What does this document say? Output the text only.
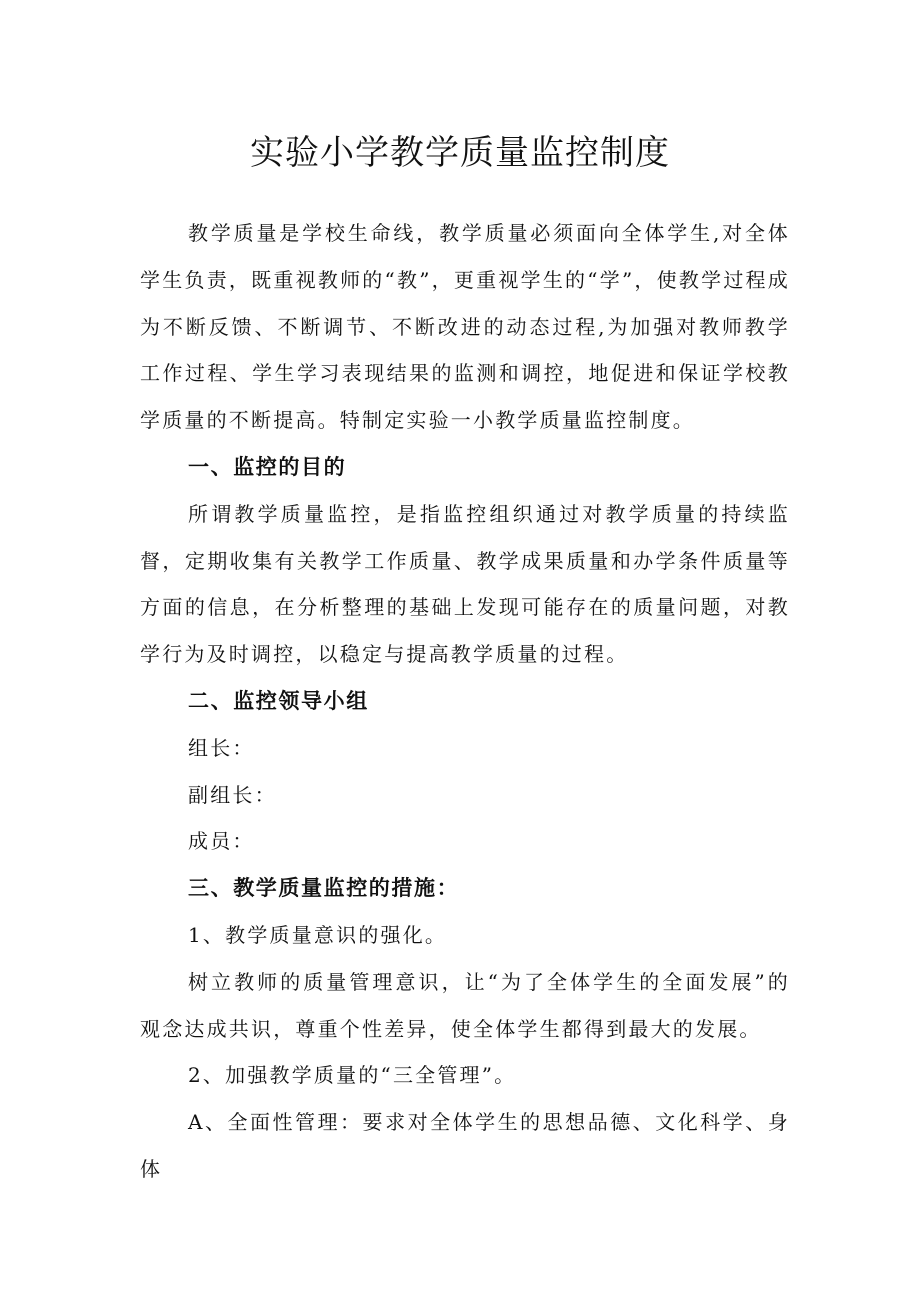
实验小学教学质量监控制度

教学质量是学校生命线，教学质量必须面向全体学生,对全体学生负责，既重视教师的“教”，更重视学生的“学”，使教学过程成为不断反馈、不断调节、不断改进的动态过程,为加强对教师教学工作过程、学生学习表现结果的监测和调控，地促进和保证学校教学质量的不断提高。特制定实验一小教学质量监控制度。

一、监控的目的

所谓教学质量监控，是指监控组织通过对教学质量的持续监督，定期收集有关教学工作质量、教学成果质量和办学条件质量等方面的信息，在分析整理的基础上发现可能存在的质量问题，对教学行为及时调控，以稳定与提高教学质量的过程。

二、监控领导小组

组长：

副组长：

成员：

三、教学质量监控的措施：

1、教学质量意识的强化。

树立教师的质量管理意识，让“为了全体学生的全面发展”的观念达成共识，尊重个性差异，使全体学生都得到最大的发展。

2、加强教学质量的“三全管理”。

A、全面性管理：要求对全体学生的思想品德、文化科学、身体
